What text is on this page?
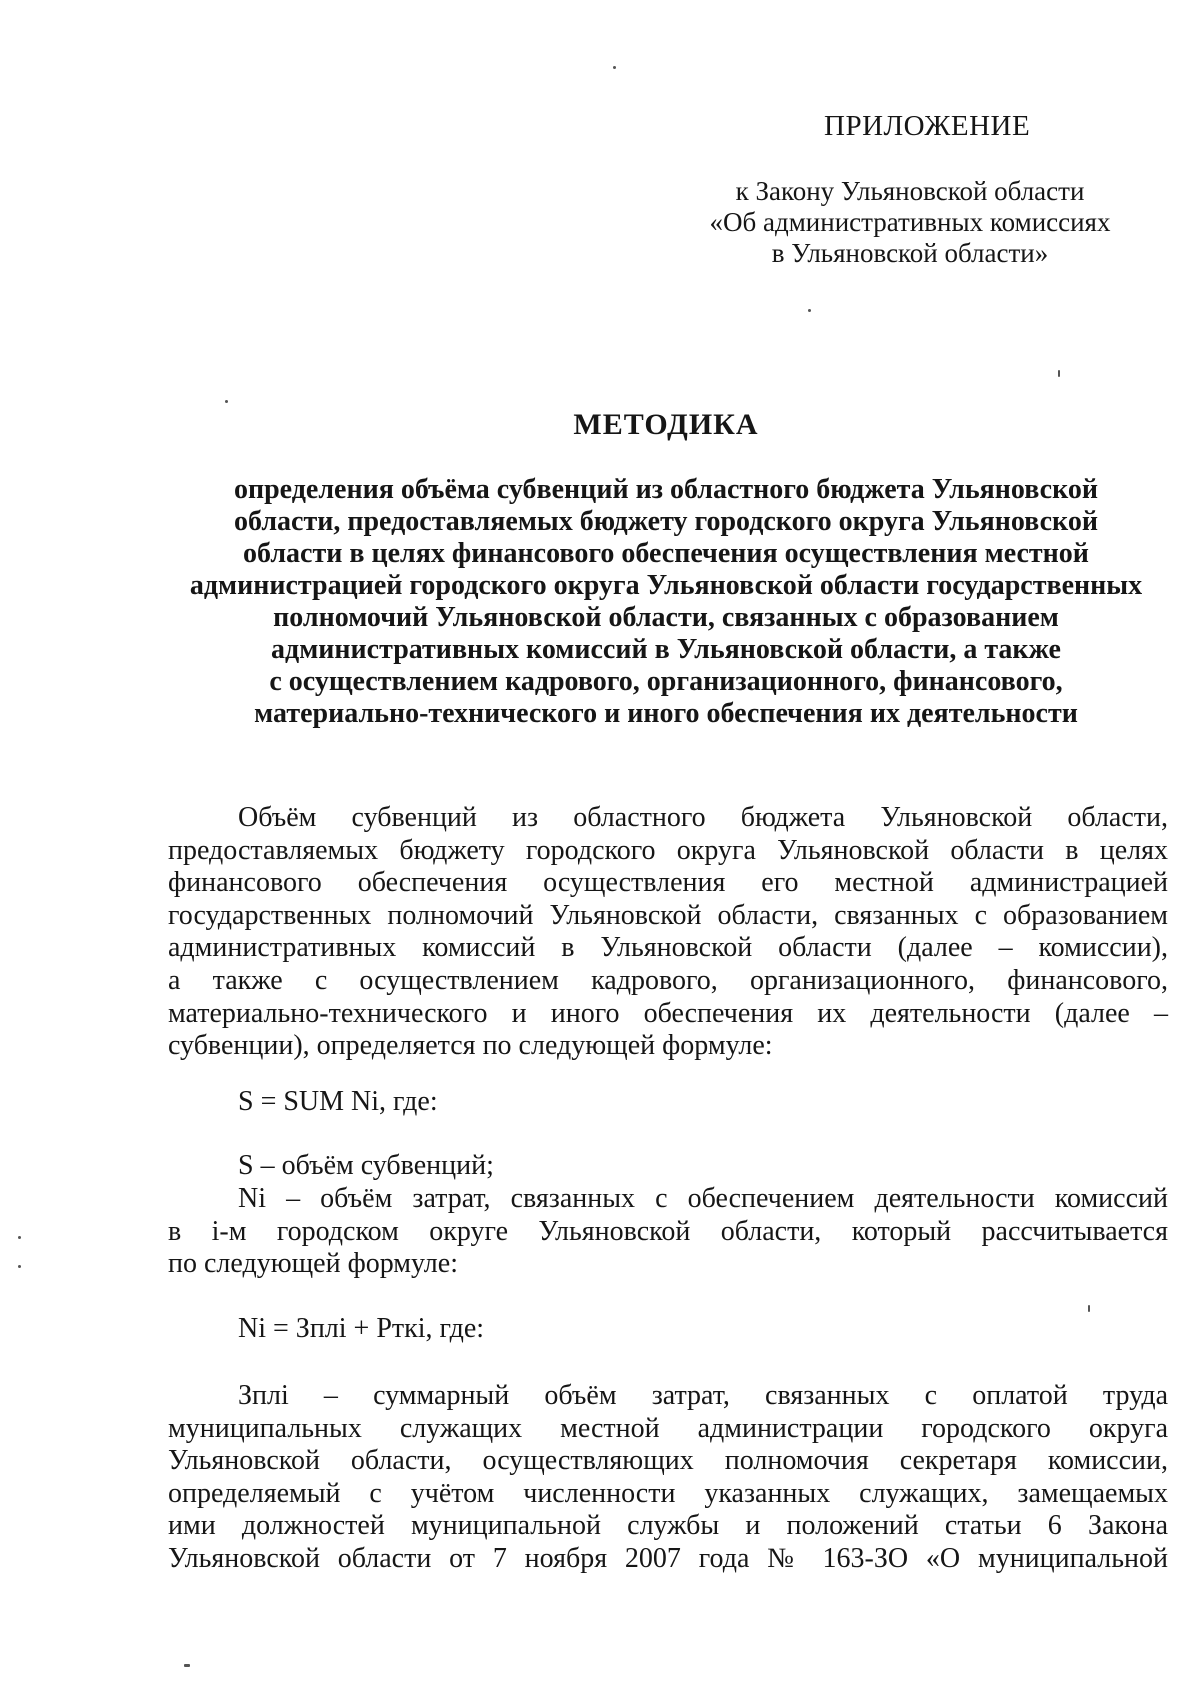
ПРИЛОЖЕНИЕ
к Закону Ульяновской области
«Об административных комиссиях
в Ульяновской области»
МЕТОДИКА
определения объёма субвенций из областного бюджета Ульяновской
области, предоставляемых бюджету городского округа Ульяновской
области в целях финансового обеспечения осуществления местной
администрацией городского округа Ульяновской области государственных
полномочий Ульяновской области, связанных с образованием
административных комиссий в Ульяновской области, а также
с осуществлением кадрового, организационного, финансового,
материально-технического и иного обеспечения их деятельности
Объём субвенций из областного бюджета Ульяновской области,
предоставляемых бюджету городского округа Ульяновской области в целях
финансового обеспечения осуществления его местной администрацией
государственных полномочий Ульяновской области, связанных с образованием
административных комиссий в Ульяновской области (далее – комиссии),
а также с осуществлением кадрового, организационного, финансового,
материально-технического и иного обеспечения их деятельности (далее –
субвенции), определяется по следующей формуле:
S = SUM Ni, где:
S – объём субвенций;
Ni – объём затрат, связанных с обеспечением деятельности комиссий
в i-м городском округе Ульяновской области, который рассчитывается
по следующей формуле:
Ni = Зплi + Рткi, где:
Зплi – суммарный объём затрат, связанных с оплатой труда
муниципальных служащих местной администрации городского округа
Ульяновской области, осуществляющих полномочия секретаря комиссии,
определяемый с учётом численности указанных служащих, замещаемых
ими должностей муниципальной службы и положений статьи 6 Закона
Ульяновской области от 7 ноября 2007 года № 163-ЗО «О муниципальной
